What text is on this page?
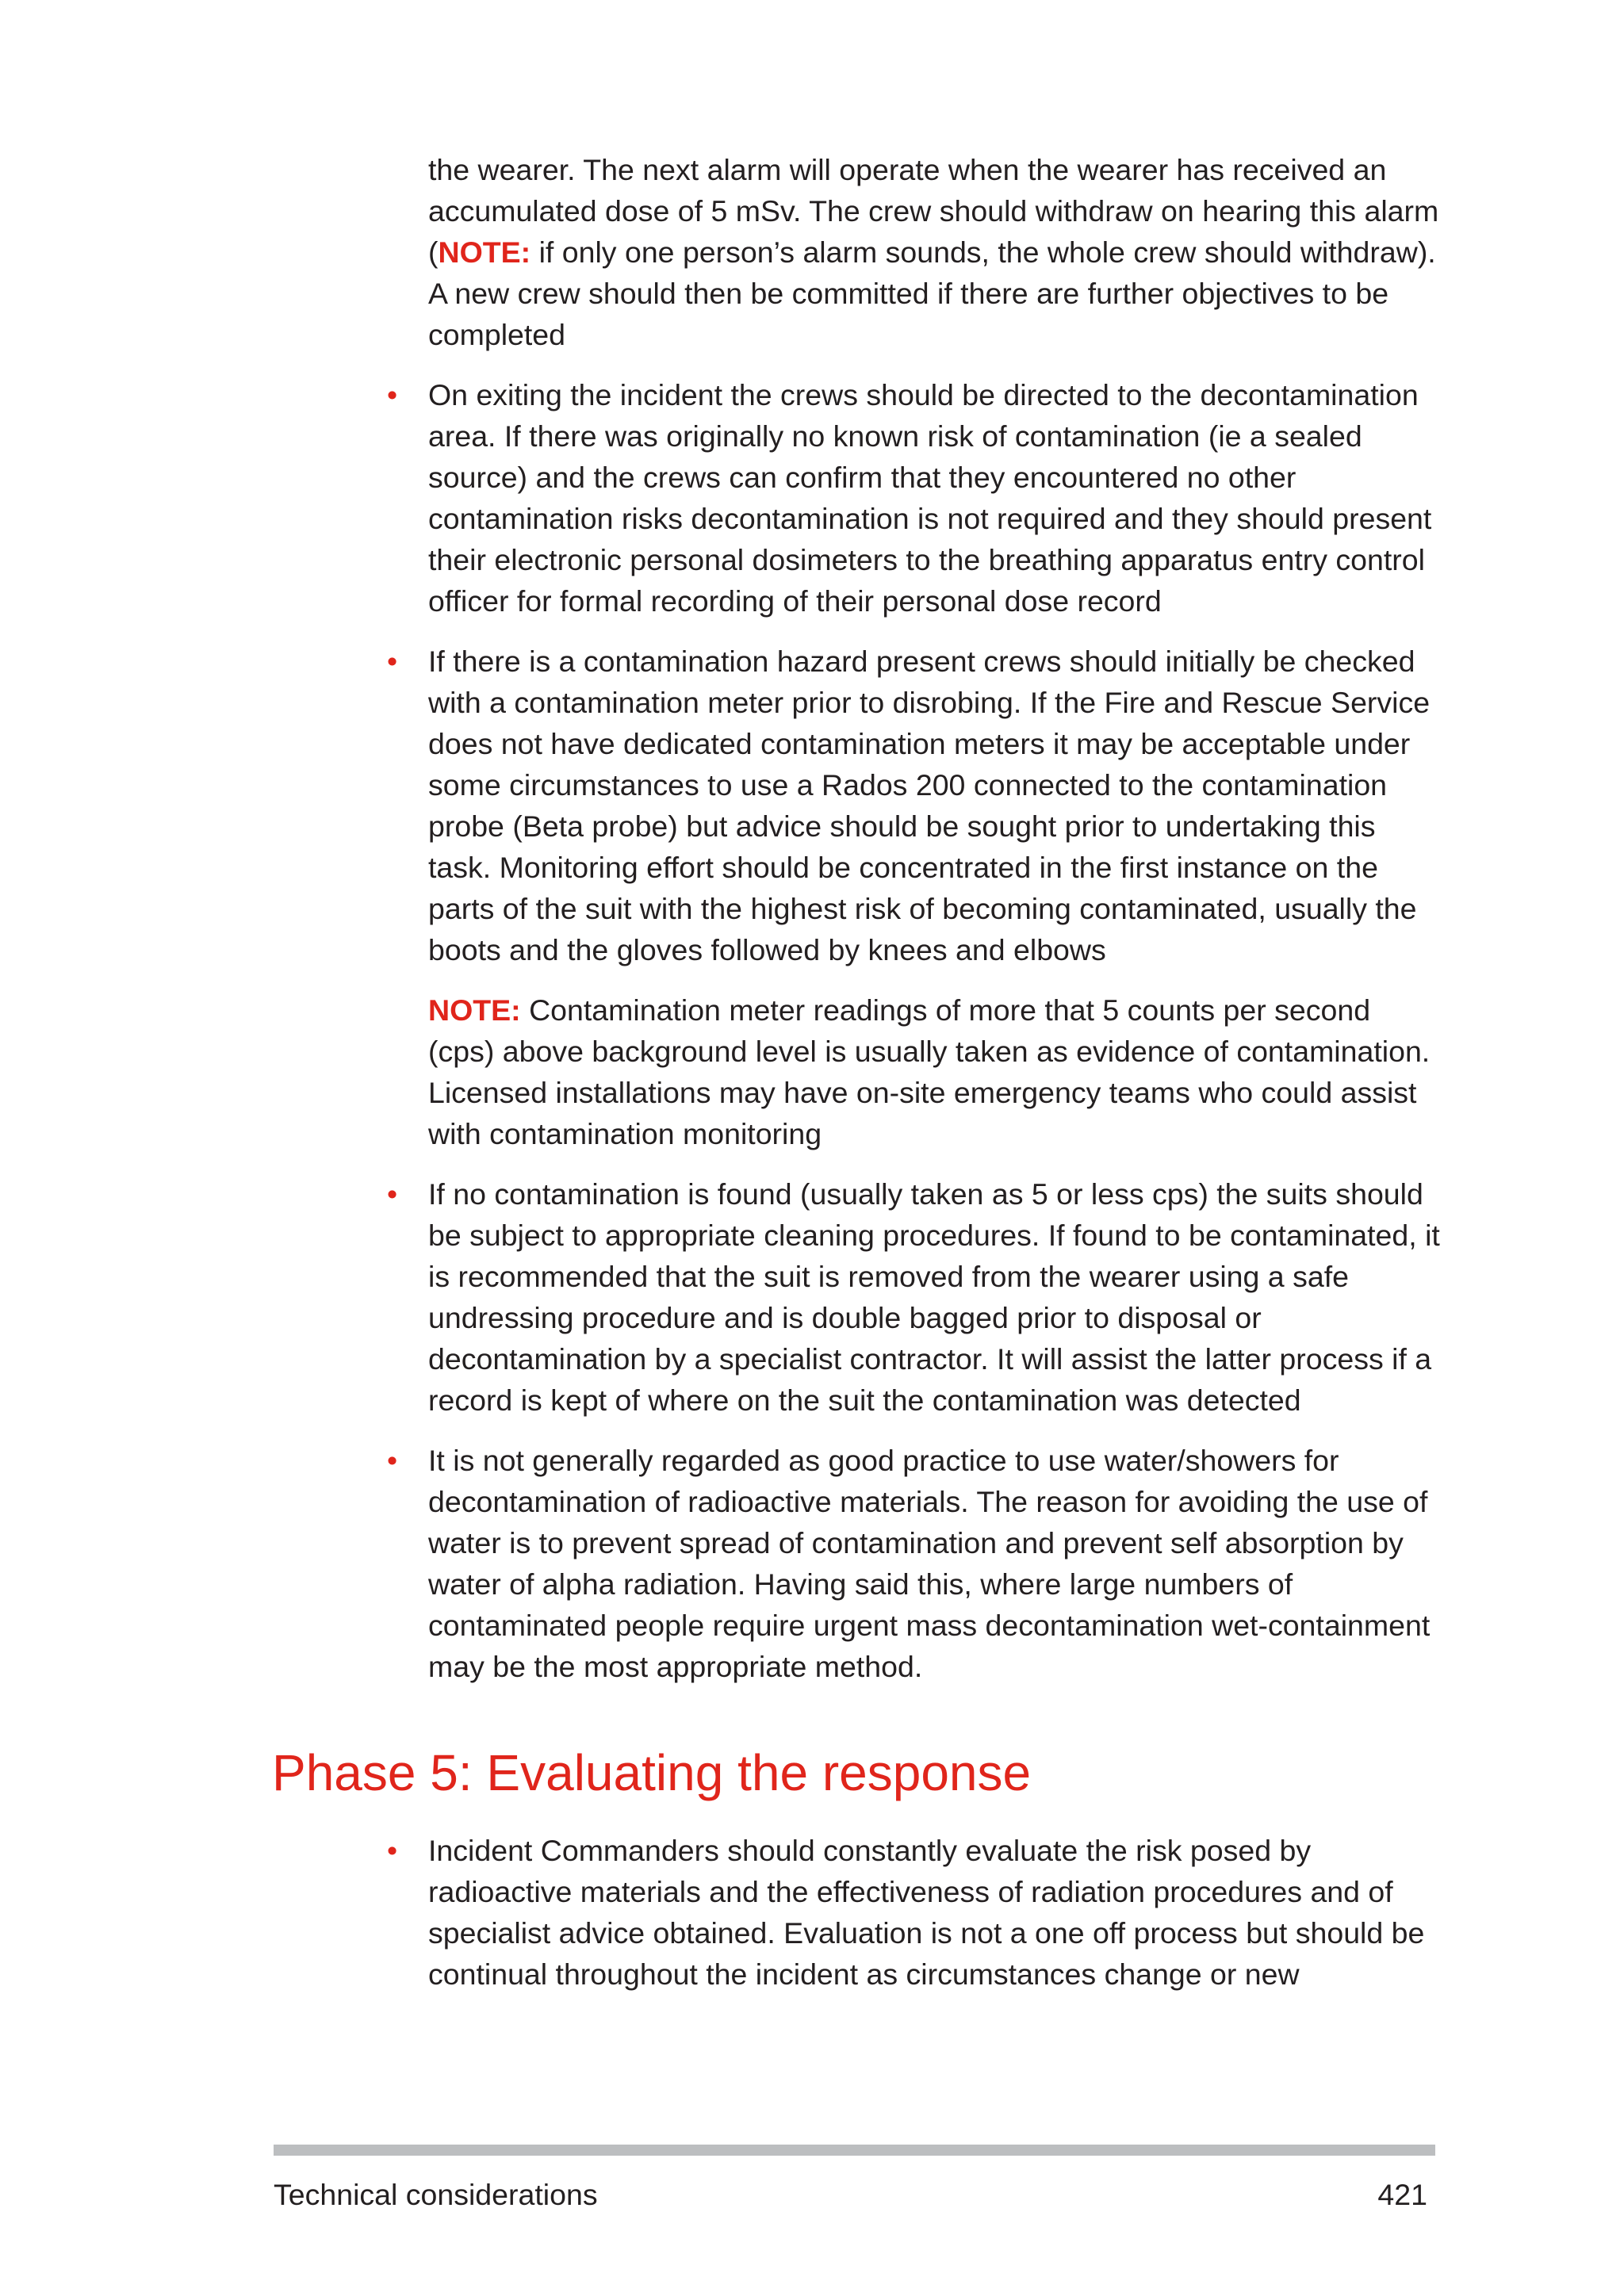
the wearer. The next alarm will operate when the wearer has received an accumulated dose of 5 mSv. The crew should withdraw on hearing this alarm (NOTE: if only one person’s alarm sounds, the whole crew should withdraw). A new crew should then be committed if there are further objectives to be completed

• On exiting the incident the crews should be directed to the decontamination area. If there was originally no known risk of contamination (ie a sealed source) and the crews can confirm that they encountered no other contamination risks decontamination is not required and they should present their electronic personal dosimeters to the breathing apparatus entry control officer for formal recording of their personal dose record
• If there is a contamination hazard present crews should initially be checked with a contamination meter prior to disrobing. If the Fire and Rescue Service does not have dedicated contamination meters it may be acceptable under some circumstances to use a Rados 200 connected to the contamination probe (Beta probe) but advice should be sought prior to undertaking this task. Monitoring effort should be concentrated in the first instance on the parts of the suit with the highest risk of becoming contaminated, usually the boots and the gloves followed by knees and elbows

NOTE: Contamination meter readings of more that 5 counts per second (cps) above background level is usually taken as evidence of contamination. Licensed installations may have on-site emergency teams who could assist with contamination monitoring

• If no contamination is found (usually taken as 5 or less cps) the suits should be subject to appropriate cleaning procedures. If found to be contaminated, it is recommended that the suit is removed from the wearer using a safe undressing procedure and is double bagged prior to disposal or decontamination by a specialist contractor. It will assist the latter process if a record is kept of where on the suit the contamination was detected
• It is not generally regarded as good practice to use water/showers for decontamination of radioactive materials. The reason for avoiding the use of water is to prevent spread of contamination and prevent self absorption by water of alpha radiation. Having said this, where large numbers of contaminated people require urgent mass decontamination wet-containment may be the most appropriate method.
Phase 5: Evaluating the response
• Incident Commanders should constantly evaluate the risk posed by radioactive materials and the effectiveness of radiation procedures and of specialist advice obtained. Evaluation is not a one off process but should be continual throughout the incident as circumstances change or new
Technical considerations	421
